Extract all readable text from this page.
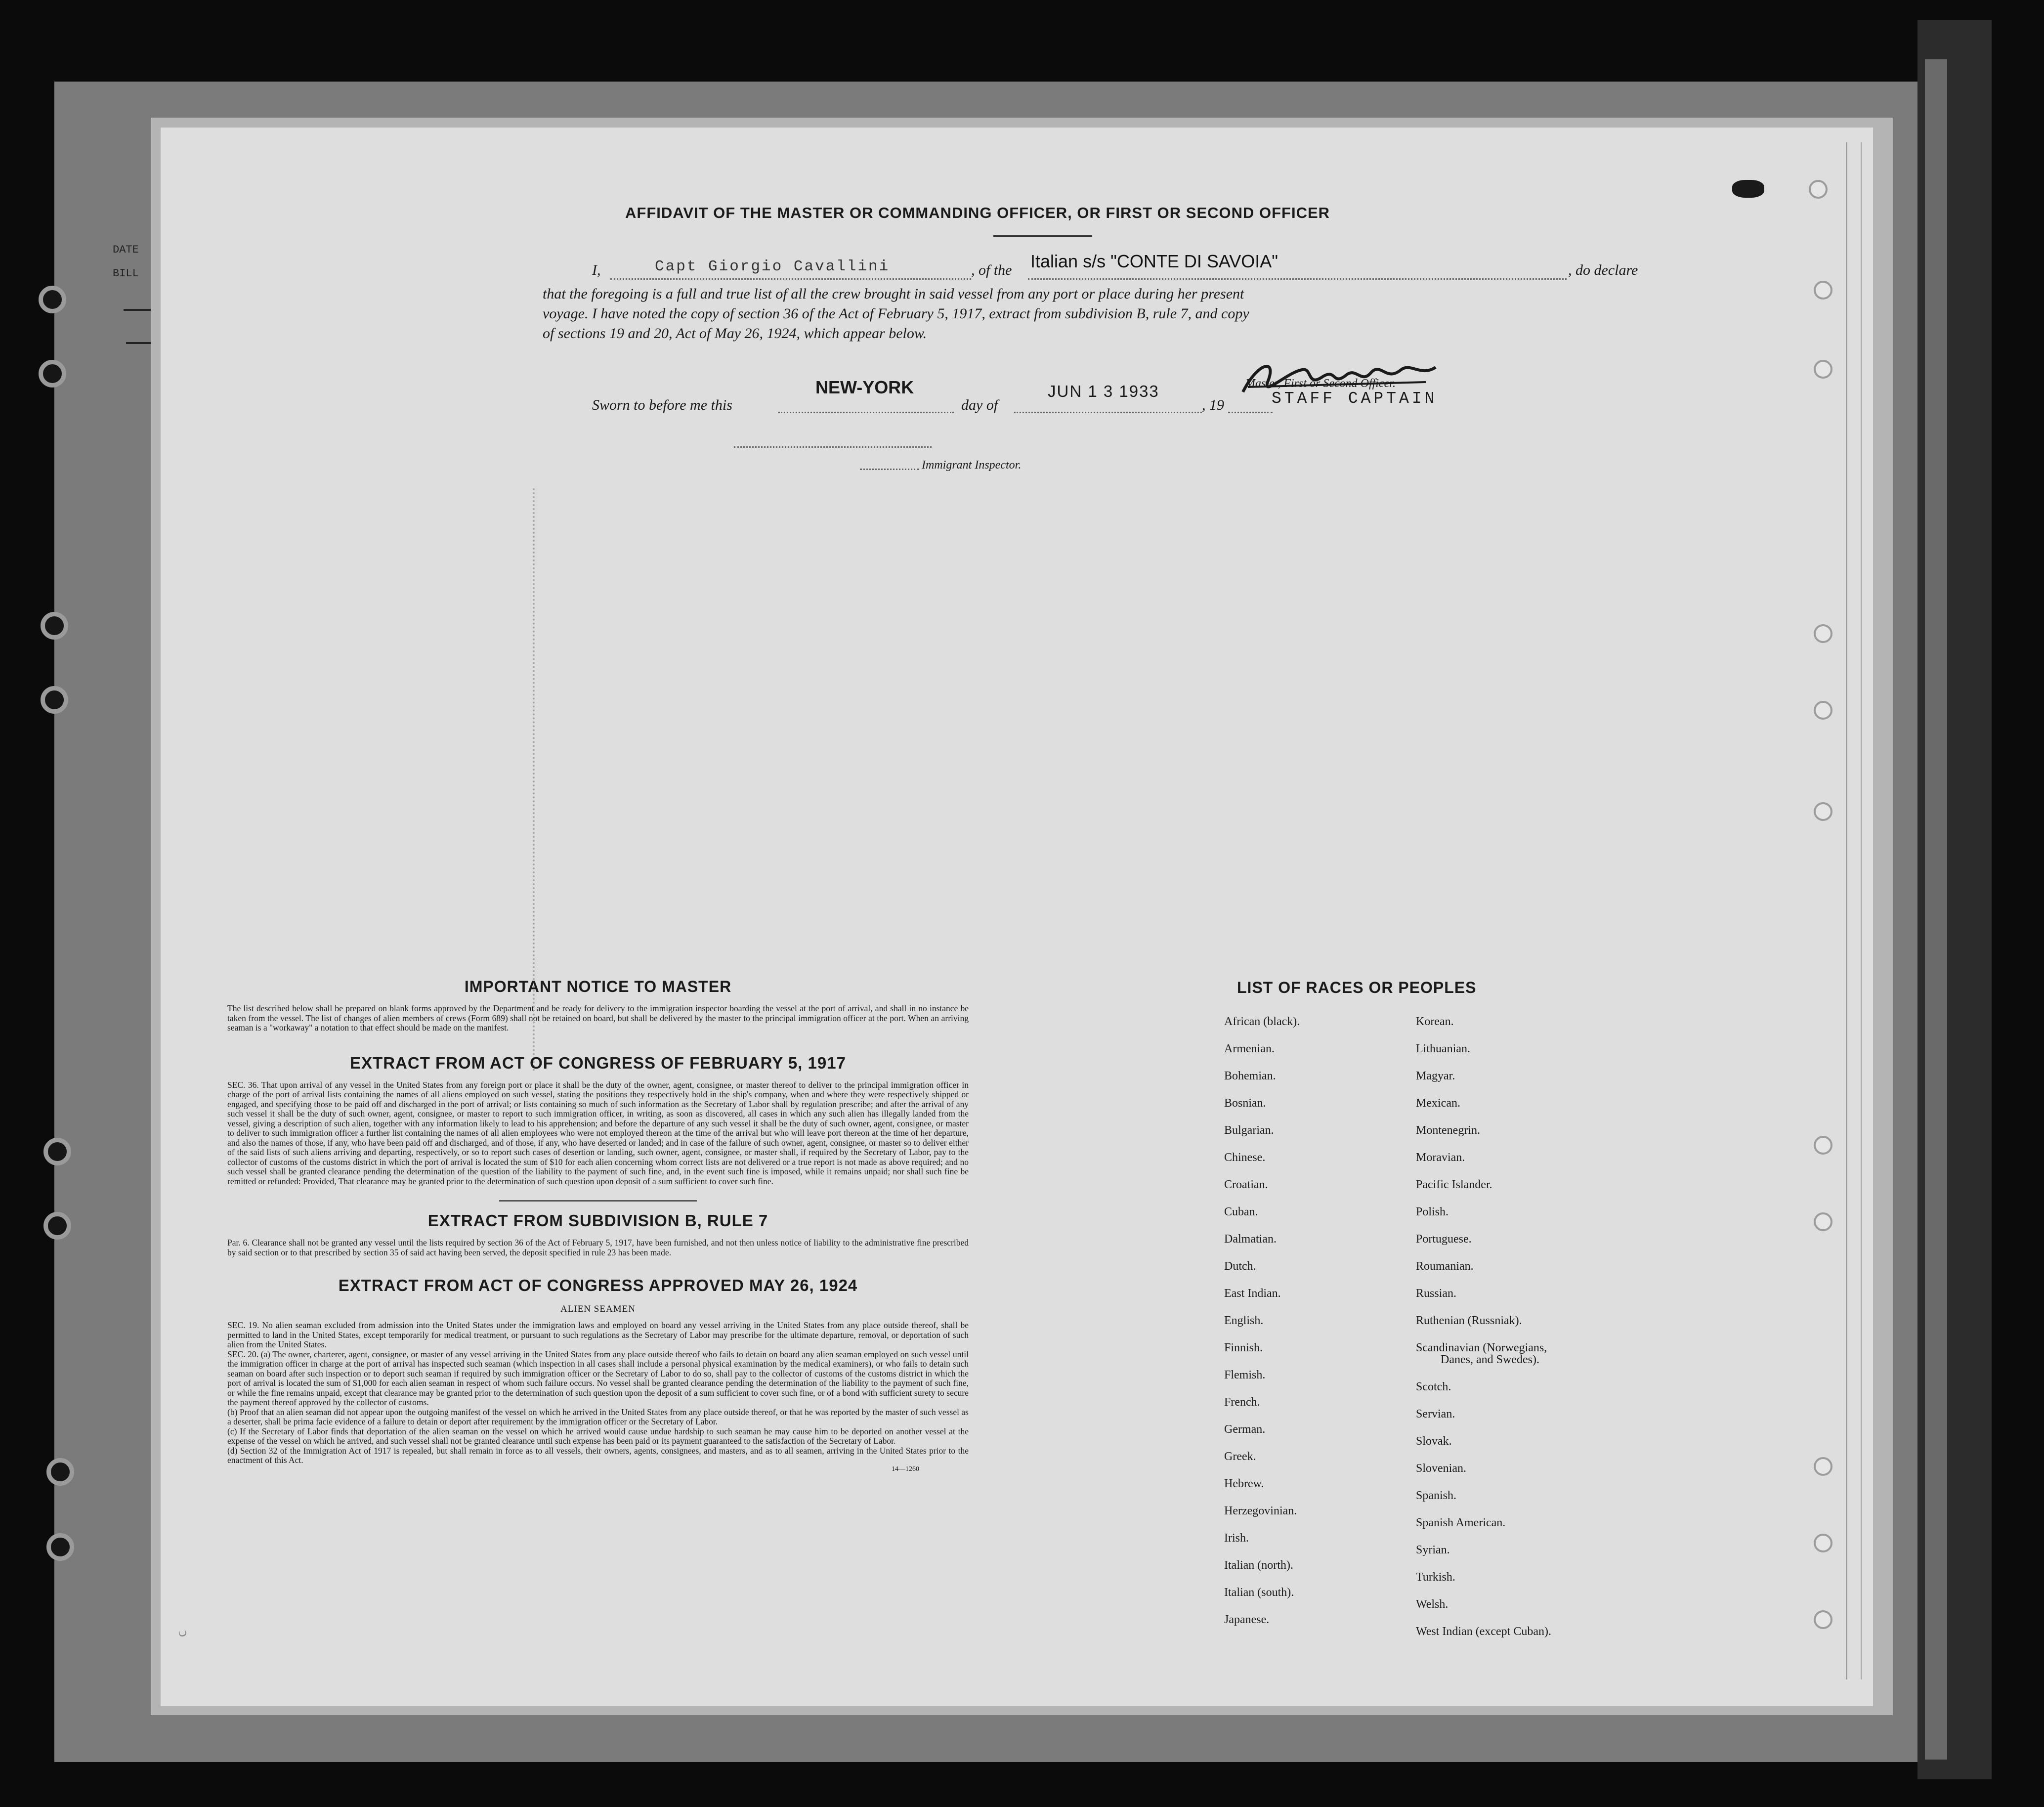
DATE
BILL
AFFIDAVIT OF THE MASTER OR COMMANDING OFFICER, OR FIRST OR SECOND OFFICER
I,	Capt Giorgio Cavallini	, of the Italian s/s "CONTE DI SAVOIA"	, do declare
that the foregoing is a full and true list of all the crew brought in said vessel from any port or place during her present
voyage. I have noted the copy of section 36 of the Act of February 5, 1917, extract from subdivision B, rule 7, and copy
of sections 19 and 20, Act of May 26, 1924, which appear below.
Sworn to before me this
NEW-YORK
day of
JUN 1 3 1933
, 19
Master, First or Second Officer.
STAFF CAPTAIN
Immigrant Inspector.
IMPORTANT NOTICE TO MASTER
The list described below shall be prepared on blank forms approved by the Department and be ready for delivery to the immigration inspector boarding the vessel at the port of arrival, and shall in no instance be taken from the vessel. The list of changes of alien members of crews (Form 689) shall not be retained on board, but shall be delivered by the master to the principal immigration officer at the port. When an arriving seaman is a "workaway" a notation to that effect should be made on the manifest.
EXTRACT FROM ACT OF CONGRESS OF FEBRUARY 5, 1917
SEC. 36. That upon arrival of any vessel in the United States from any foreign port or place it shall be the duty of the owner, agent, consignee, or master thereof to deliver to the principal immigration officer in charge of the port of arrival lists containing the names of all aliens employed on such vessel, stating the positions they respectively hold in the ship's company, when and where they were respectively shipped or engaged, and specifying those to be paid off and discharged in the port of arrival; or lists containing so much of such information as the Secretary of Labor shall by regulation prescribe; and after the arrival of any such vessel it shall be the duty of such owner, agent, consignee, or master to report to such immigration officer, in writing, as soon as discovered, all cases in which any such alien has illegally landed from the vessel, giving a description of such alien, together with any information likely to lead to his apprehension; and before the departure of any such vessel it shall be the duty of such owner, agent, consignee, or master to deliver to such immigration officer a further list containing the names of all alien employees who were not employed thereon at the time of the arrival but who will leave port thereon at the time of her departure, and also the names of those, if any, who have been paid off and discharged, and of those, if any, who have deserted or landed; and in case of the failure of such owner, agent, consignee, or master so to deliver either of the said lists of such aliens arriving and departing, respectively, or so to report such cases of desertion or landing, such owner, agent, consignee, or master shall, if required by the Secretary of Labor, pay to the collector of customs of the customs district in which the port of arrival is located the sum of $10 for each alien concerning whom correct lists are not delivered or a true report is not made as above required; and no such vessel shall be granted clearance pending the determination of the question of the liability to the payment of such fine, and, in the event such fine is imposed, while it remains unpaid; nor shall such fine be remitted or refunded: Provided, That clearance may be granted prior to the determination of such question upon deposit of a sum sufficient to cover such fine.
EXTRACT FROM SUBDIVISION B, RULE 7
Par. 6. Clearance shall not be granted any vessel until the lists required by section 36 of the Act of February 5, 1917, have been furnished, and not then unless notice of liability to the administrative fine prescribed by said section or to that prescribed by section 35 of said act having been served, the deposit specified in rule 23 has been made.
EXTRACT FROM ACT OF CONGRESS APPROVED MAY 26, 1924
ALIEN SEAMEN
SEC. 19. No alien seaman excluded from admission into the United States under the immigration laws and employed on board any vessel arriving in the United States from any place outside thereof, shall be permitted to land in the United States, except temporarily for medical treatment, or pursuant to such regulations as the Secretary of Labor may prescribe for the ultimate departure, removal, or deportation of such alien from the United States.
SEC. 20. (a) The owner, charterer, agent, consignee, or master of any vessel arriving in the United States from any place outside thereof who fails to detain on board any alien seaman employed on such vessel until the immigration officer in charge at the port of arrival has inspected such seaman (which inspection in all cases shall include a personal physical examination by the medical examiners), or who fails to detain such seaman on board after such inspection or to deport such seaman if required by such immigration officer or the Secretary of Labor to do so, shall pay to the collector of customs of the customs district in which the port of arrival is located the sum of $1,000 for each alien seaman in respect of whom such failure occurs. No vessel shall be granted clearance pending the determination of the liability to the payment of such fine, or while the fine remains unpaid, except that clearance may be granted prior to the determination of such question upon the deposit of a sum sufficient to cover such fine, or of a bond with sufficient surety to secure the payment thereof approved by the collector of customs.
(b) Proof that an alien seaman did not appear upon the outgoing manifest of the vessel on which he arrived in the United States from any place outside thereof, or that he was reported by the master of such vessel as a deserter, shall be prima facie evidence of a failure to detain or deport after requirement by the immigration officer or the Secretary of Labor.
(c) If the Secretary of Labor finds that deportation of the alien seaman on the vessel on which he arrived would cause undue hardship to such seaman he may cause him to be deported on another vessel at the expense of the vessel on which he arrived, and such vessel shall not be granted clearance until such expense has been paid or its payment guaranteed to the satisfaction of the Secretary of Labor.
(d) Section 32 of the Immigration Act of 1917 is repealed, but shall remain in force as to all vessels, their owners, agents, consignees, and masters, and as to all seamen, arriving in the United States prior to the enactment of this Act.
14—1260
LIST OF RACES OR PEOPLES
African (black).
Armenian.
Bohemian.
Bosnian.
Bulgarian.
Chinese.
Croatian.
Cuban.
Dalmatian.
Dutch.
East Indian.
English.
Finnish.
Flemish.
French.
German.
Greek.
Hebrew.
Herzegovinian.
Irish.
Italian (north).
Italian (south).
Japanese.
Korean.
Lithuanian.
Magyar.
Mexican.
Montenegrin.
Moravian.
Pacific Islander.
Polish.
Portuguese.
Roumanian.
Russian.
Ruthenian (Russniak).
Scandinavian (Norwegians,
Danes, and Swedes).
Scotch.
Servian.
Slovak.
Slovenian.
Spanish.
Spanish American.
Syrian.
Turkish.
Welsh.
West Indian (except Cuban).
ↄ
